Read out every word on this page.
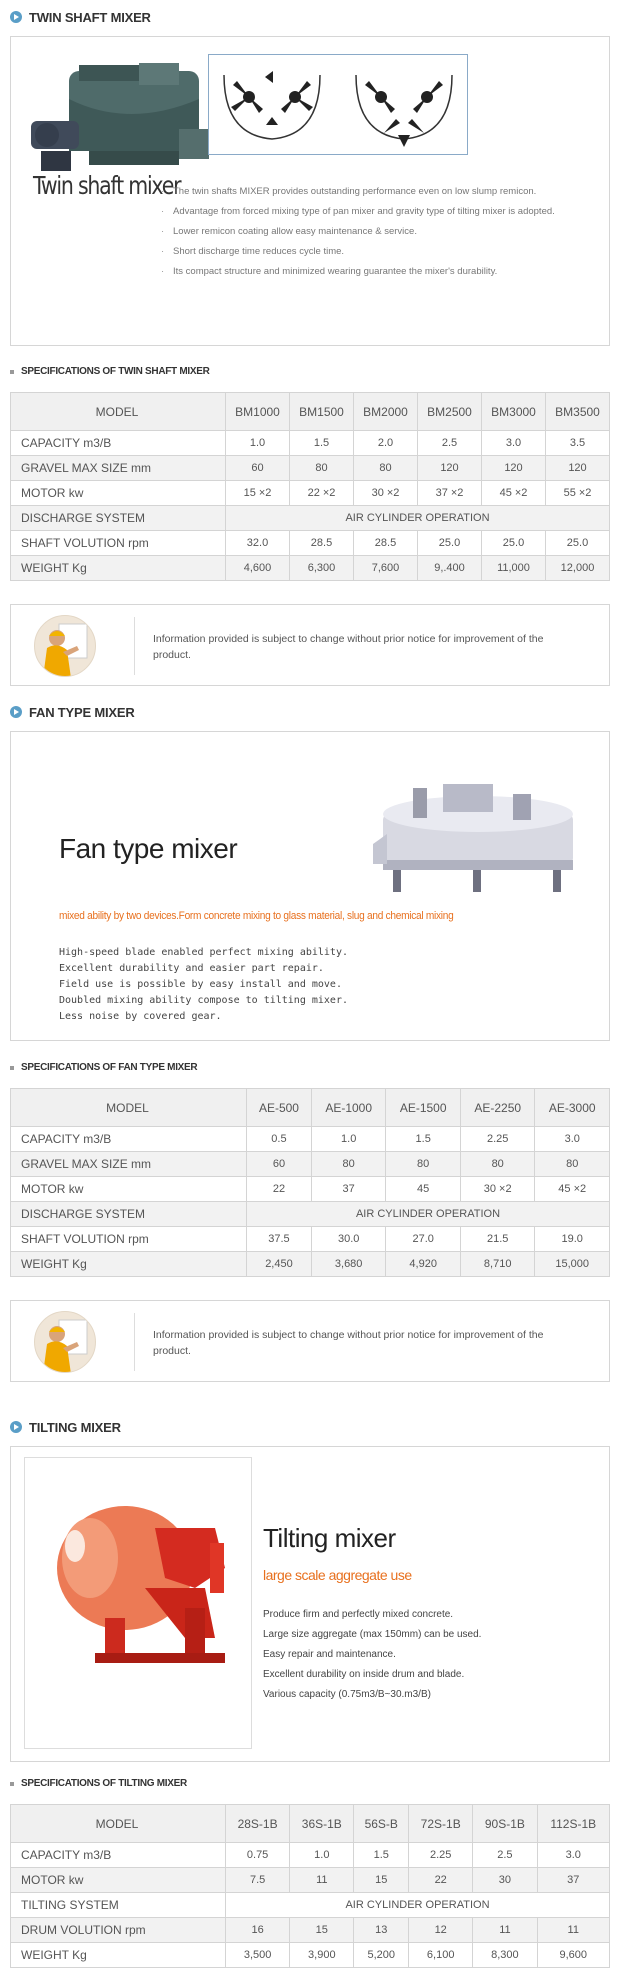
TWIN SHAFT MIXER
Twin shaft mixer
· The twin shafts MIXER provides outstanding performance even on low slump remicon.
· Advantage from forced mixing type of pan mixer and gravity type of tilting mixer is adopted.
· Lower remicon coating allow easy maintenance & service.
· Short discharge time reduces cycle time.
· Its compact structure and minimized wearing guarantee the mixer's durability.
SPECIFICATIONS OF TWIN SHAFT MIXER
MODEL	BM1000	BM1500	BM2000	BM2500	BM3000	BM3500
CAPACITY m3/B	1.0	1.5	2.0	2.5	3.0	3.5
GRAVEL MAX SIZE mm	60	80	80	120	120	120
MOTOR kw	15 ×2	22 ×2	30 ×2	37 ×2	45 ×2	55 ×2
DISCHARGE SYSTEM	AIR CYLINDER OPERATION					
SHAFT VOLUTION rpm	32.0	28.5	28.5	25.0	25.0	25.0
WEIGHT Kg	4,600	6,300	7,600	9,.400	11,000	12,000
Information provided is subject to change without prior notice for improvement of the product.
FAN TYPE MIXER
Fan type mixer
mixed ability by two devices.Form concrete mixing to glass material, slug and chemical mixing
High-speed blade enabled perfect mixing ability.
Excellent durability and easier part repair.
Field use is possible by easy install and move.
Doubled mixing ability compose to tilting mixer.
Less noise by covered gear.
SPECIFICATIONS OF FAN TYPE MIXER
MODEL	AE-500	AE-1000	AE-1500	AE-2250	AE-3000
CAPACITY m3/B	0.5	1.0	1.5	2.25	3.0
GRAVEL MAX SIZE mm	60	80	80	80	80
MOTOR kw	22	37	45	30 ×2	45 ×2
DISCHARGE SYSTEM	AIR CYLINDER OPERATION				
SHAFT VOLUTION rpm	37.5	30.0	27.0	21.5	19.0
WEIGHT Kg	2,450	3,680	4,920	8,710	15,000
Information provided is subject to change without prior notice for improvement of the product.
TILTING MIXER
Tilting mixer
large scale aggregate use
Produce firm and perfectly mixed concrete.
Large size aggregate (max 150mm) can be used.
Easy repair and maintenance.
Excellent durability on inside drum and blade.
Various capacity (0.75m3/B~30.m3/B)
SPECIFICATIONS OF TILTING MIXER
MODEL	28S-1B	36S-1B	56S-B	72S-1B	90S-1B	112S-1B
CAPACITY m3/B	0.75	1.0	1.5	2.25	2.5	3.0
MOTOR kw	7.5	11	15	22	30	37
TILTING SYSTEM	AIR CYLINDER OPERATION					
DRUM VOLUTION rpm	16	15	13	12	11	11
WEIGHT Kg	3,500	3,900	5,200	6,100	8,300	9,600
